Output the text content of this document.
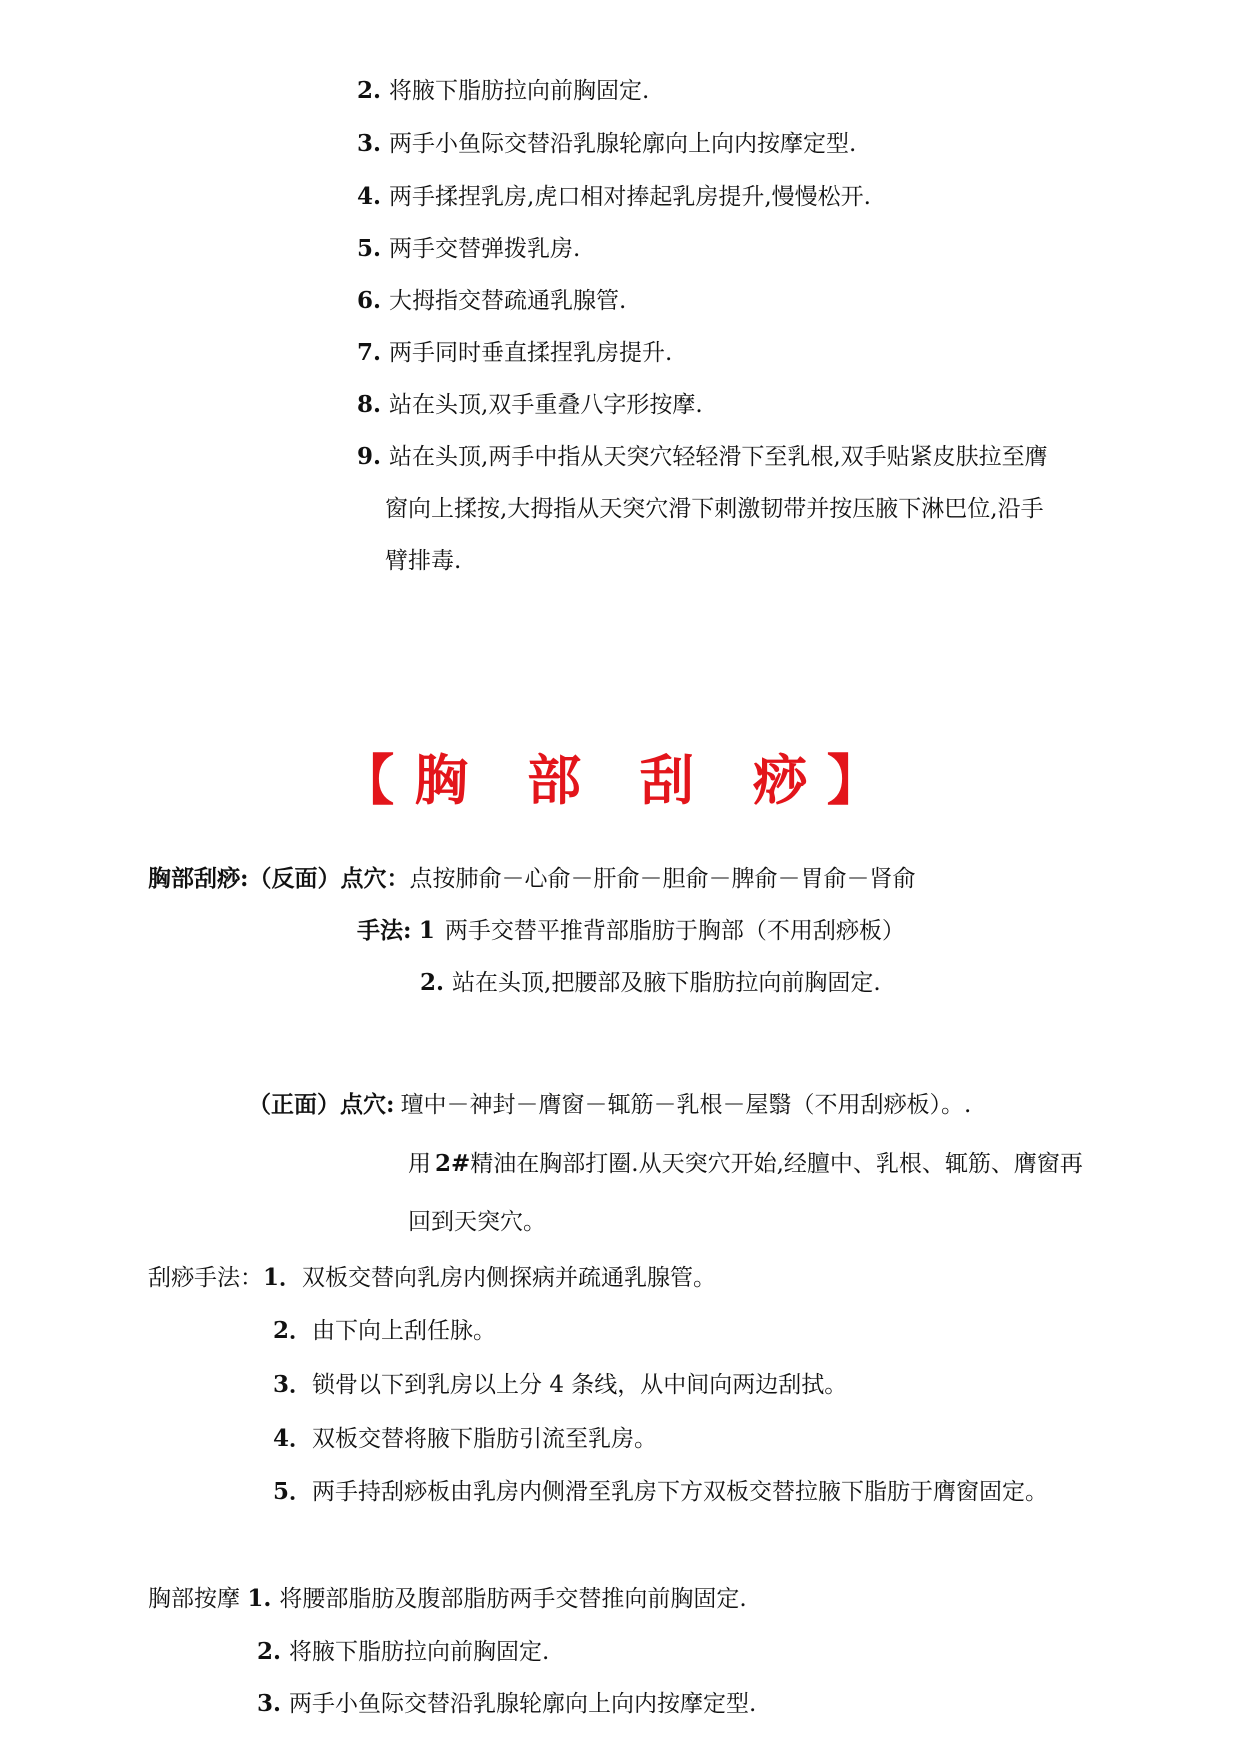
2. 将腋下脂肪拉向前胸固定.
3. 两手小鱼际交替沿乳腺轮廓向上向内按摩定型.
4. 两手揉捏乳房,虎口相对捧起乳房提升,慢慢松开.
5. 两手交替弹拨乳房.
6. 大拇指交替疏通乳腺管.
7. 两手同时垂直揉捏乳房提升.
8. 站在头顶,双手重叠八字形按摩.
9. 站在头顶,两手中指从天突穴轻轻滑下至乳根,双手贴紧皮肤拉至膺
窗向上揉按,大拇指从天突穴滑下刺激韧带并按压腋下淋巴位,沿手
臂排毒.
【胸 部 刮 痧】
胸部刮痧:（反面）点穴：点按肺俞－心俞－肝俞－胆俞－脾俞－胃俞－肾俞
手法: 1 两手交替平推背部脂肪于胸部（不用刮痧板）
2. 站在头顶,把腰部及腋下脂肪拉向前胸固定.
（正面）点穴: 璮中－神封－膺窗－辄筋－乳根－屋翳（不用刮痧板）。.
用 2#精油在胸部打圈.从天突穴开始,经膻中、乳根、辄筋、膺窗再
回到天突穴。
刮痧手法：1．双板交替向乳房内侧探病并疏通乳腺管。
2．由下向上刮任脉。
3．锁骨以下到乳房以上分 4 条线，从中间向两边刮拭。
4．双板交替将腋下脂肪引流至乳房。
5．两手持刮痧板由乳房内侧滑至乳房下方双板交替拉腋下脂肪于膺窗固定。
胸部按摩 1. 将腰部脂肪及腹部脂肪两手交替推向前胸固定.
2. 将腋下脂肪拉向前胸固定.
3. 两手小鱼际交替沿乳腺轮廓向上向内按摩定型.
